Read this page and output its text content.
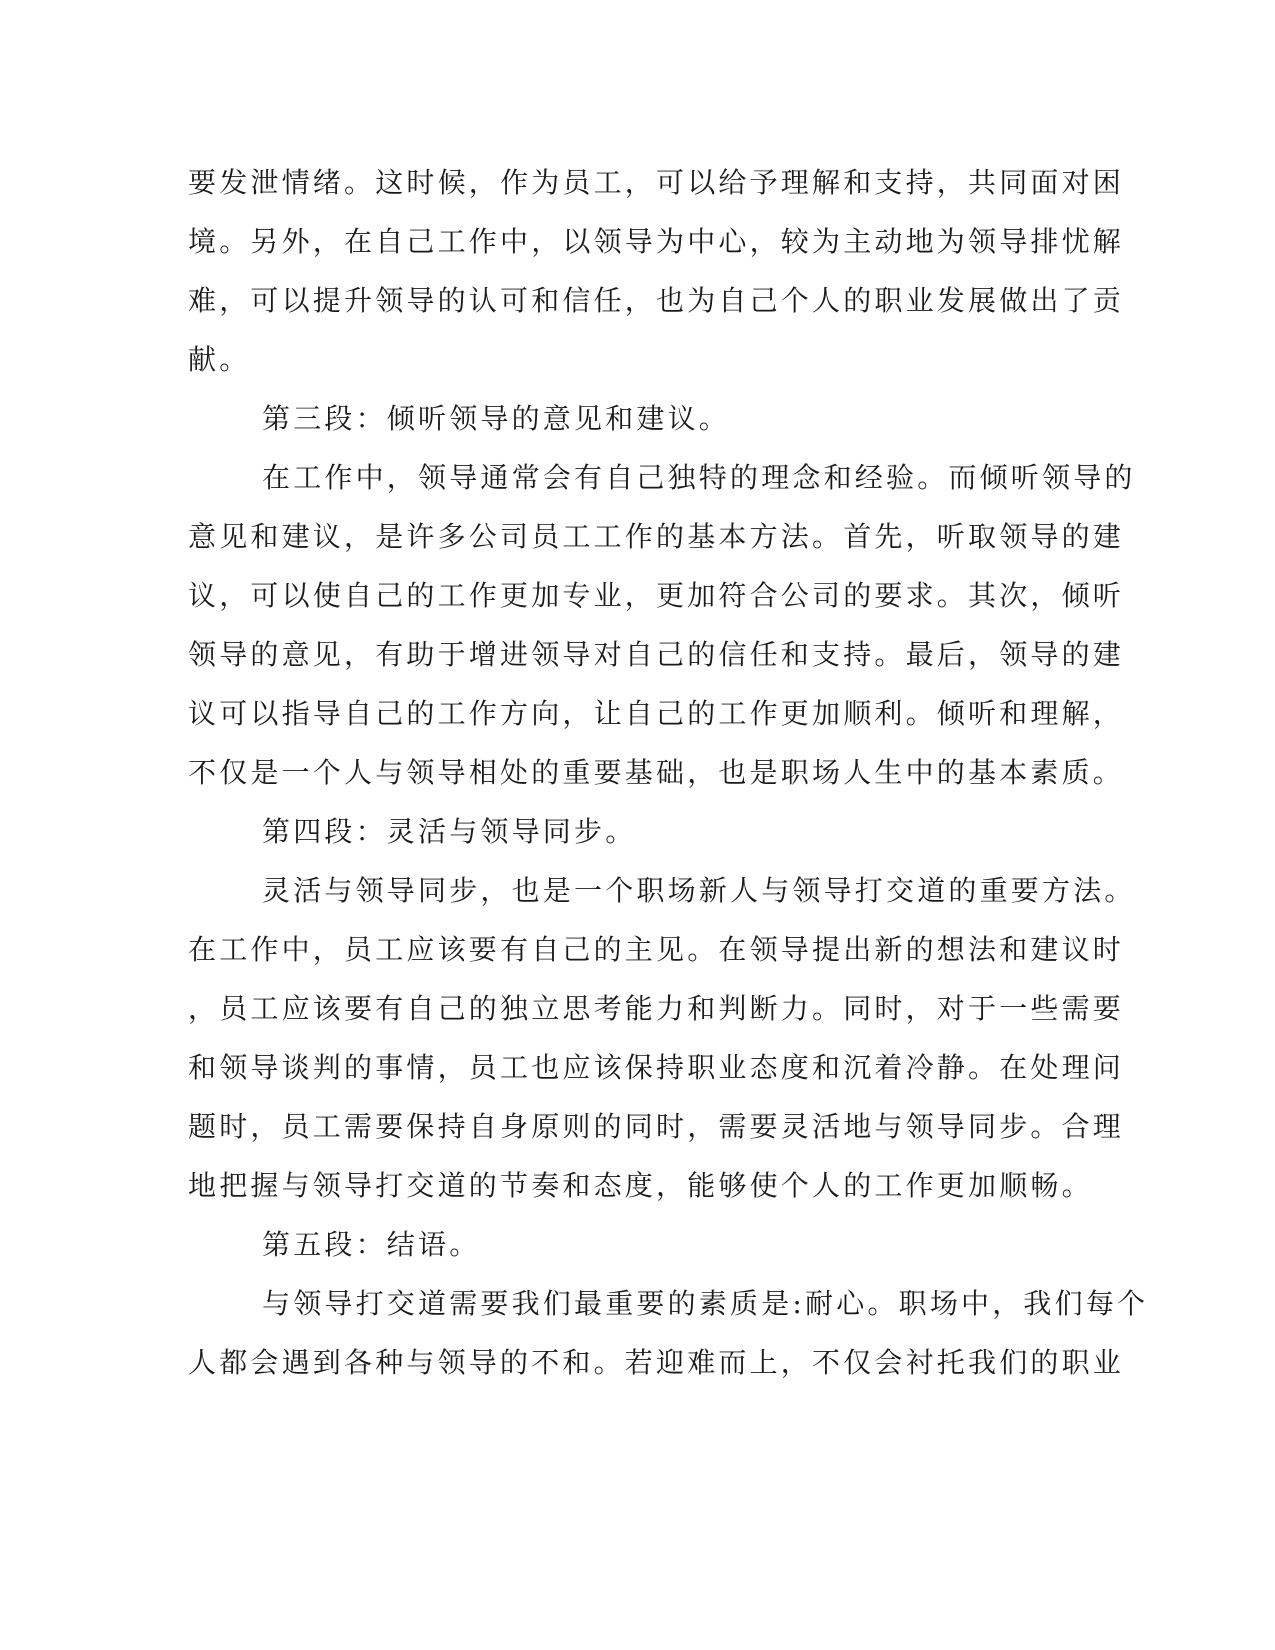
要发泄情绪。这时候，作为员工，可以给予理解和支持，共同面对困
境。另外，在自己工作中，以领导为中心，较为主动地为领导排忧解
难，可以提升领导的认可和信任，也为自己个人的职业发展做出了贡
献。
第三段：倾听领导的意见和建议。
在工作中，领导通常会有自己独特的理念和经验。而倾听领导的
意见和建议，是许多公司员工工作的基本方法。首先，听取领导的建
议，可以使自己的工作更加专业，更加符合公司的要求。其次，倾听
领导的意见，有助于增进领导对自己的信任和支持。最后，领导的建
议可以指导自己的工作方向，让自己的工作更加顺利。倾听和理解，
不仅是一个人与领导相处的重要基础，也是职场人生中的基本素质。
第四段：灵活与领导同步。
灵活与领导同步，也是一个职场新人与领导打交道的重要方法。
在工作中，员工应该要有自己的主见。在领导提出新的想法和建议时
，员工应该要有自己的独立思考能力和判断力。同时，对于一些需要
和领导谈判的事情，员工也应该保持职业态度和沉着冷静。在处理问
题时，员工需要保持自身原则的同时，需要灵活地与领导同步。合理
地把握与领导打交道的节奏和态度，能够使个人的工作更加顺畅。
第五段：结语。
与领导打交道需要我们最重要的素质是:耐心。职场中，我们每个
人都会遇到各种与领导的不和。若迎难而上，不仅会衬托我们的职业
